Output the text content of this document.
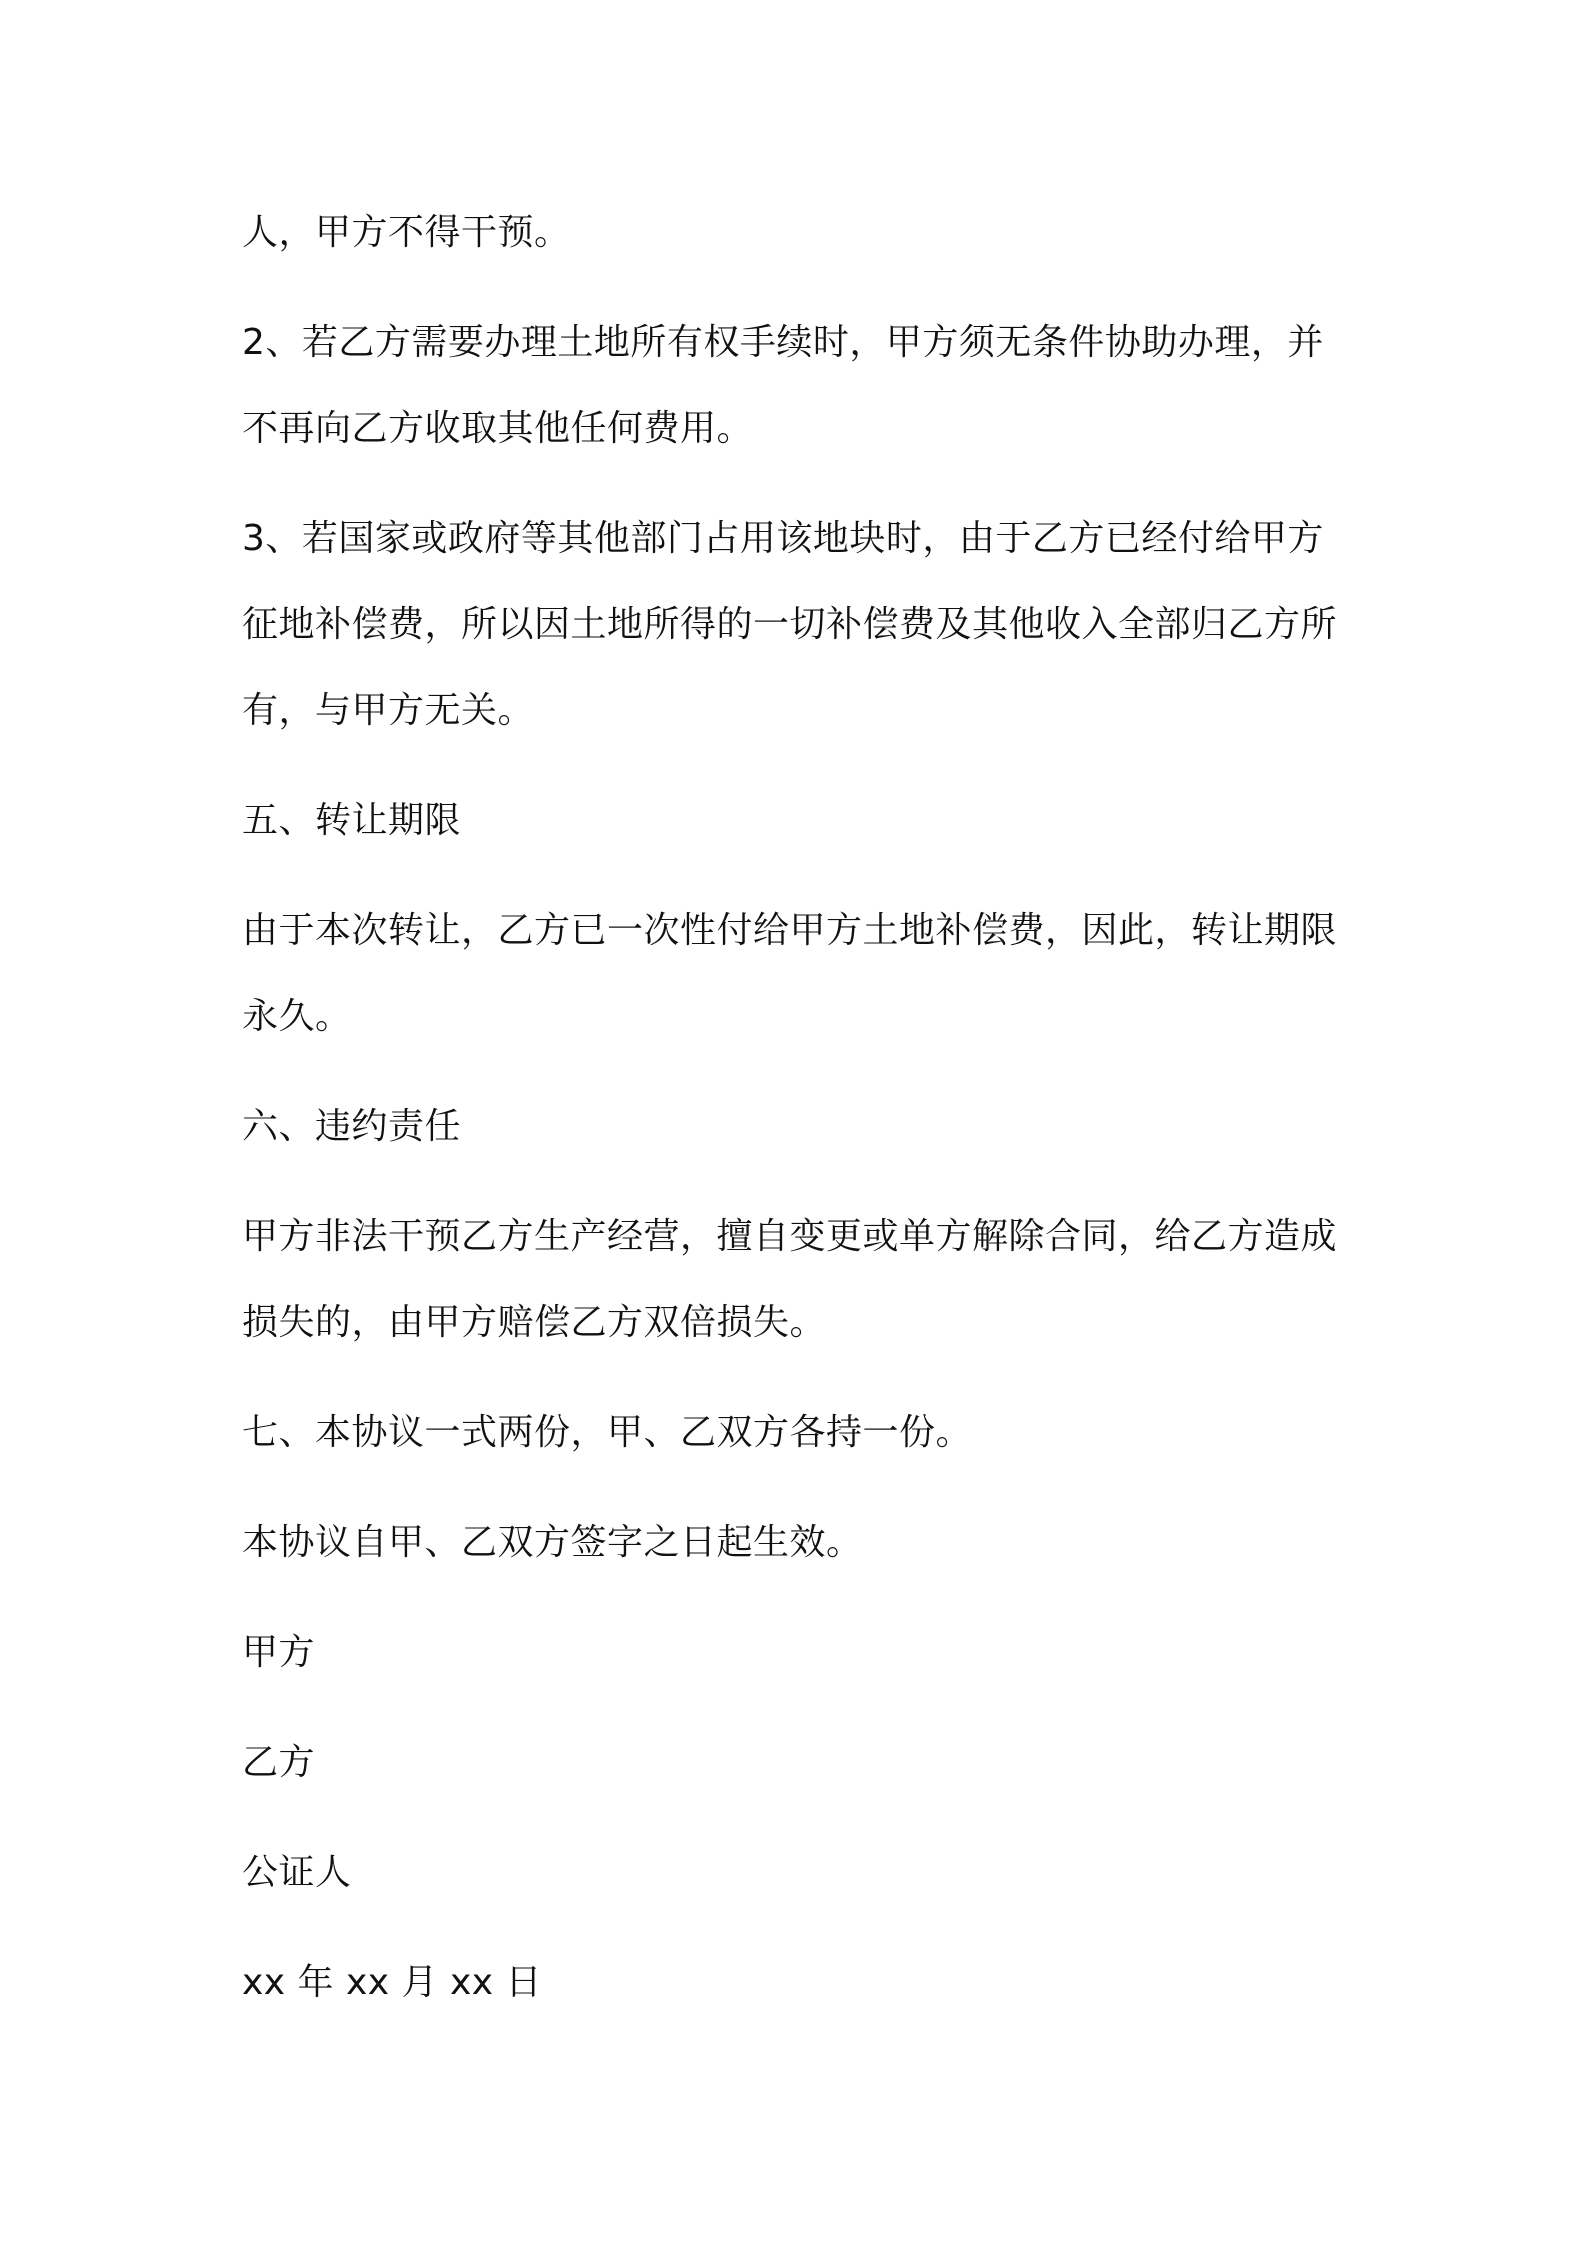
人，甲方不得干预。
2、若乙方需要办理土地所有权手续时，甲方须无条件协助办理，并
不再向乙方收取其他任何费用。
3、若国家或政府等其他部门占用该地块时，由于乙方已经付给甲方
征地补偿费，所以因土地所得的一切补偿费及其他收入全部归乙方所
有，与甲方无关。
五、转让期限
由于本次转让，乙方已一次性付给甲方土地补偿费，因此，转让期限
永久。
六、违约责任
甲方非法干预乙方生产经营，擅自变更或单方解除合同，给乙方造成
损失的，由甲方赔偿乙方双倍损失。
七、本协议一式两份，甲、乙双方各持一份。
本协议自甲、乙双方签字之日起生效。
甲方
乙方
公证人
xx 年 xx 月 xx 日
